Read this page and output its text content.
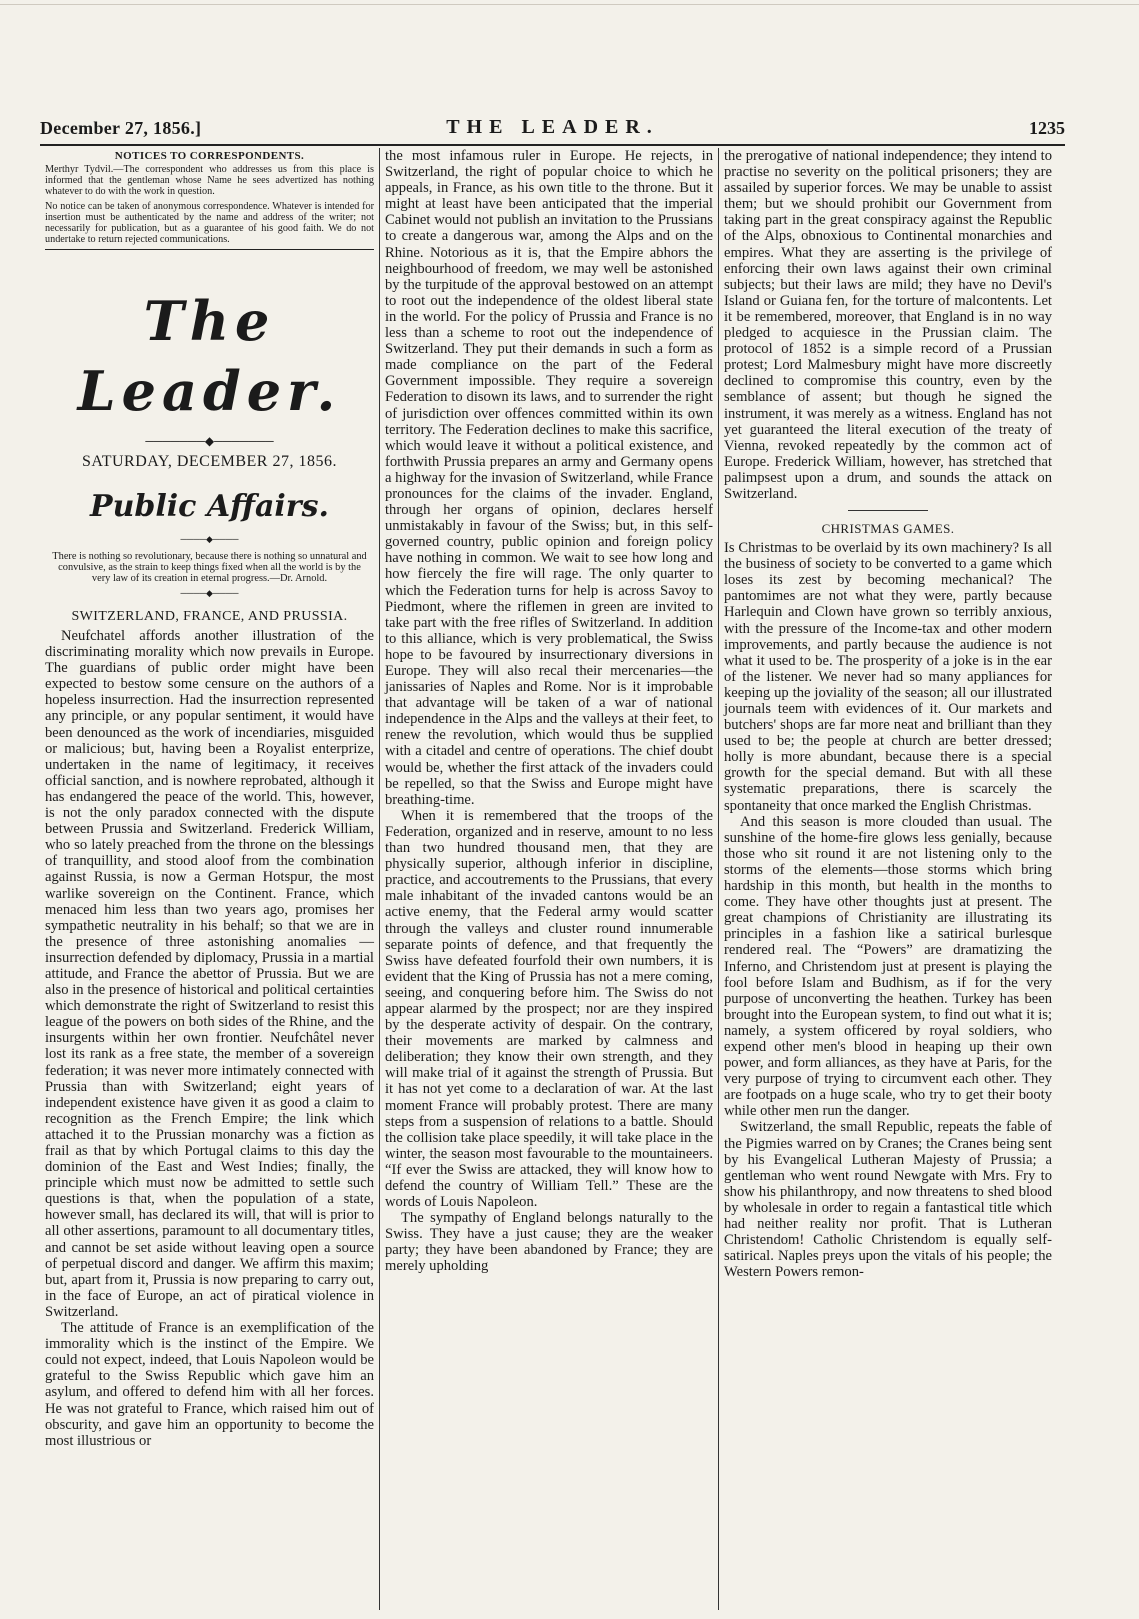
December 27, 1856.]	THE LEADER.	1235
NOTICES TO CORRESPONDENTS.

Merthyr Tydvil.—The correspondent who addresses us from this place is informed that the gentleman whose Name he sees advertized has nothing whatever to do with the work in question.

No notice can be taken of anonymous correspondence. Whatever is intended for insertion must be authenticated by the name and address of the writer; not necessarily for publication, but as a guarantee of his good faith. We do not undertake to return rejected communications.

The Leader.
───────◆───────
SATURDAY, DECEMBER 27, 1856.
Public Affairs.
────◆────
There is nothing so revolutionary, because there is nothing so unnatural and convulsive, as the strain to keep things fixed when all the world is by the very law of its creation in eternal progress.—Dr. Arnold.
────◆────
SWITZERLAND, FRANCE, AND PRUSSIA.

Neufchatel affords another illustration of the discriminating morality which now prevails in Europe. The guardians of public order might have been expected to bestow some censure on the authors of a hopeless insurrection. Had the insurrection represented any principle, or any popular sentiment, it would have been denounced as the work of incendiaries, misguided or malicious; but, having been a Royalist enterprize, undertaken in the name of legitimacy, it receives official sanction, and is nowhere reprobated, although it has endangered the peace of the world. This, however, is not the only paradox connected with the dispute between Prussia and Switzerland. Frederick William, who so lately preached from the throne on the blessings of tranquillity, and stood aloof from the combination against Russia, is now a German Hotspur, the most warlike sovereign on the Continent. France, which menaced him less than two years ago, promises her sympathetic neutrality in his behalf; so that we are in the presence of three astonishing anomalies —insurrection defended by diplomacy, Prussia in a martial attitude, and France the abettor of Prussia. But we are also in the presence of historical and political certainties which demonstrate the right of Switzerland to resist this league of the powers on both sides of the Rhine, and the insurgents within her own frontier. Neufchâtel never lost its rank as a free state, the member of a sovereign federation; it was never more intimately connected with Prussia than with Switzerland; eight years of independent existence have given it as good a claim to recognition as the French Empire; the link which attached it to the Prussian monarchy was a fiction as frail as that by which Portugal claims to this day the dominion of the East and West Indies; finally, the principle which must now be admitted to settle such questions is that, when the population of a state, however small, has declared its will, that will is prior to all other assertions, paramount to all documentary titles, and cannot be set aside without leaving open a source of perpetual discord and danger. We affirm this maxim; but, apart from it, Prussia is now preparing to carry out, in the face of Europe, an act of piratical violence in Switzerland.

The attitude of France is an exemplification of the immorality which is the instinct of the Empire. We could not expect, indeed, that Louis Napoleon would be grateful to the Swiss Republic which gave him an asylum, and offered to defend him with all her forces. He was not grateful to France, which raised him out of obscurity, and gave him an opportunity to become the most illustrious or

the most infamous ruler in Europe. He rejects, in Switzerland, the right of popular choice to which he appeals, in France, as his own title to the throne. But it might at least have been anticipated that the imperial Cabinet would not publish an invitation to the Prussians to create a dangerous war, among the Alps and on the Rhine. Notorious as it is, that the Empire abhors the neighbourhood of freedom, we may well be astonished by the turpitude of the approval bestowed on an attempt to root out the independence of the oldest liberal state in the world. For the policy of Prussia and France is no less than a scheme to root out the independence of Switzerland. They put their demands in such a form as made compliance on the part of the Federal Government impossible. They require a sovereign Federation to disown its laws, and to surrender the right of jurisdiction over offences committed within its own territory. The Federation declines to make this sacrifice, which would leave it without a political existence, and forthwith Prussia prepares an army and Germany opens a highway for the invasion of Switzerland, while France pronounces for the claims of the invader. England, through her organs of opinion, declares herself unmistakably in favour of the Swiss; but, in this self-governed country, public opinion and foreign policy have nothing in common. We wait to see how long and how fiercely the fire will rage. The only quarter to which the Federation turns for help is across Savoy to Piedmont, where the riflemen in green are invited to take part with the free rifles of Switzerland. In addition to this alliance, which is very problematical, the Swiss hope to be favoured by insurrectionary diversions in Europe. They will also recal their mercenaries—the janissaries of Naples and Rome. Nor is it improbable that advantage will be taken of a war of national independence in the Alps and the valleys at their feet, to renew the revolution, which would thus be supplied with a citadel and centre of operations. The chief doubt would be, whether the first attack of the invaders could be repelled, so that the Swiss and Europe might have breathing-time.

When it is remembered that the troops of the Federation, organized and in reserve, amount to no less than two hundred thousand men, that they are physically superior, although inferior in discipline, practice, and accoutrements to the Prussians, that every male inhabitant of the invaded cantons would be an active enemy, that the Federal army would scatter through the valleys and cluster round innumerable separate points of defence, and that frequently the Swiss have defeated fourfold their own numbers, it is evident that the King of Prussia has not a mere coming, seeing, and conquering before him. The Swiss do not appear alarmed by the prospect; nor are they inspired by the desperate activity of despair. On the contrary, their movements are marked by calmness and deliberation; they know their own strength, and they will make trial of it against the strength of Prussia. But it has not yet come to a declaration of war. At the last moment France will probably protest. There are many steps from a suspension of relations to a battle. Should the collision take place speedily, it will take place in the winter, the season most favourable to the mountaineers. “If ever the Swiss are attacked, they will know how to defend the country of William Tell.” These are the words of Louis Napoleon.

The sympathy of England belongs naturally to the Swiss. They have a just cause; they are the weaker party; they have been abandoned by France; they are merely upholding

the prerogative of national independence; they intend to practise no severity on the political prisoners; they are assailed by superior forces. We may be unable to assist them; but we should prohibit our Government from taking part in the great conspiracy against the Republic of the Alps, obnoxious to Continental monarchies and empires. What they are asserting is the privilege of enforcing their own laws against their own criminal subjects; but their laws are mild; they have no Devil's Island or Guiana fen, for the torture of malcontents. Let it be remembered, moreover, that England is in no way pledged to acquiesce in the Prussian claim. The protocol of 1852 is a simple record of a Prussian protest; Lord Malmesbury might have more discreetly declined to compromise this country, even by the semblance of assent; but though he signed the instrument, it was merely as a witness. England has not yet guaranteed the literal execution of the treaty of Vienna, revoked repeatedly by the common act of Europe. Frederick William, however, has stretched that palimpsest upon a drum, and sounds the attack on Switzerland.

CHRISTMAS GAMES.

Is Christmas to be overlaid by its own machinery? Is all the business of society to be converted to a game which loses its zest by becoming mechanical? The pantomimes are not what they were, partly because Harlequin and Clown have grown so terribly anxious, with the pressure of the Income-tax and other modern improvements, and partly because the audience is not what it used to be. The prosperity of a joke is in the ear of the listener. We never had so many appliances for keeping up the joviality of the season; all our illustrated journals teem with evidences of it. Our markets and butchers' shops are far more neat and brilliant than they used to be; the people at church are better dressed; holly is more abundant, because there is a special growth for the special demand. But with all these systematic preparations, there is scarcely the spontaneity that once marked the English Christmas.

And this season is more clouded than usual. The sunshine of the home-fire glows less genially, because those who sit round it are not listening only to the storms of the elements—those storms which bring hardship in this month, but health in the months to come. They have other thoughts just at present. The great champions of Christianity are illustrating its principles in a fashion like a satirical burlesque rendered real. The “Powers” are dramatizing the Inferno, and Christendom just at present is playing the fool before Islam and Budhism, as if for the very purpose of unconverting the heathen. Turkey has been brought into the European system, to find out what it is; namely, a system officered by royal soldiers, who expend other men's blood in heaping up their own power, and form alliances, as they have at Paris, for the very purpose of trying to circumvent each other. They are footpads on a huge scale, who try to get their booty while other men run the danger.

Switzerland, the small Republic, repeats the fable of the Pigmies warred on by Cranes; the Cranes being sent by his Evangelical Lutheran Majesty of Prussia; a gentleman who went round Newgate with Mrs. Fry to show his philanthropy, and now threatens to shed blood by wholesale in order to regain a fantastical title which had neither reality nor profit. That is Lutheran Christendom! Catholic Christendom is equally self-satirical. Naples preys upon the vitals of his people; the Western Powers remon-
